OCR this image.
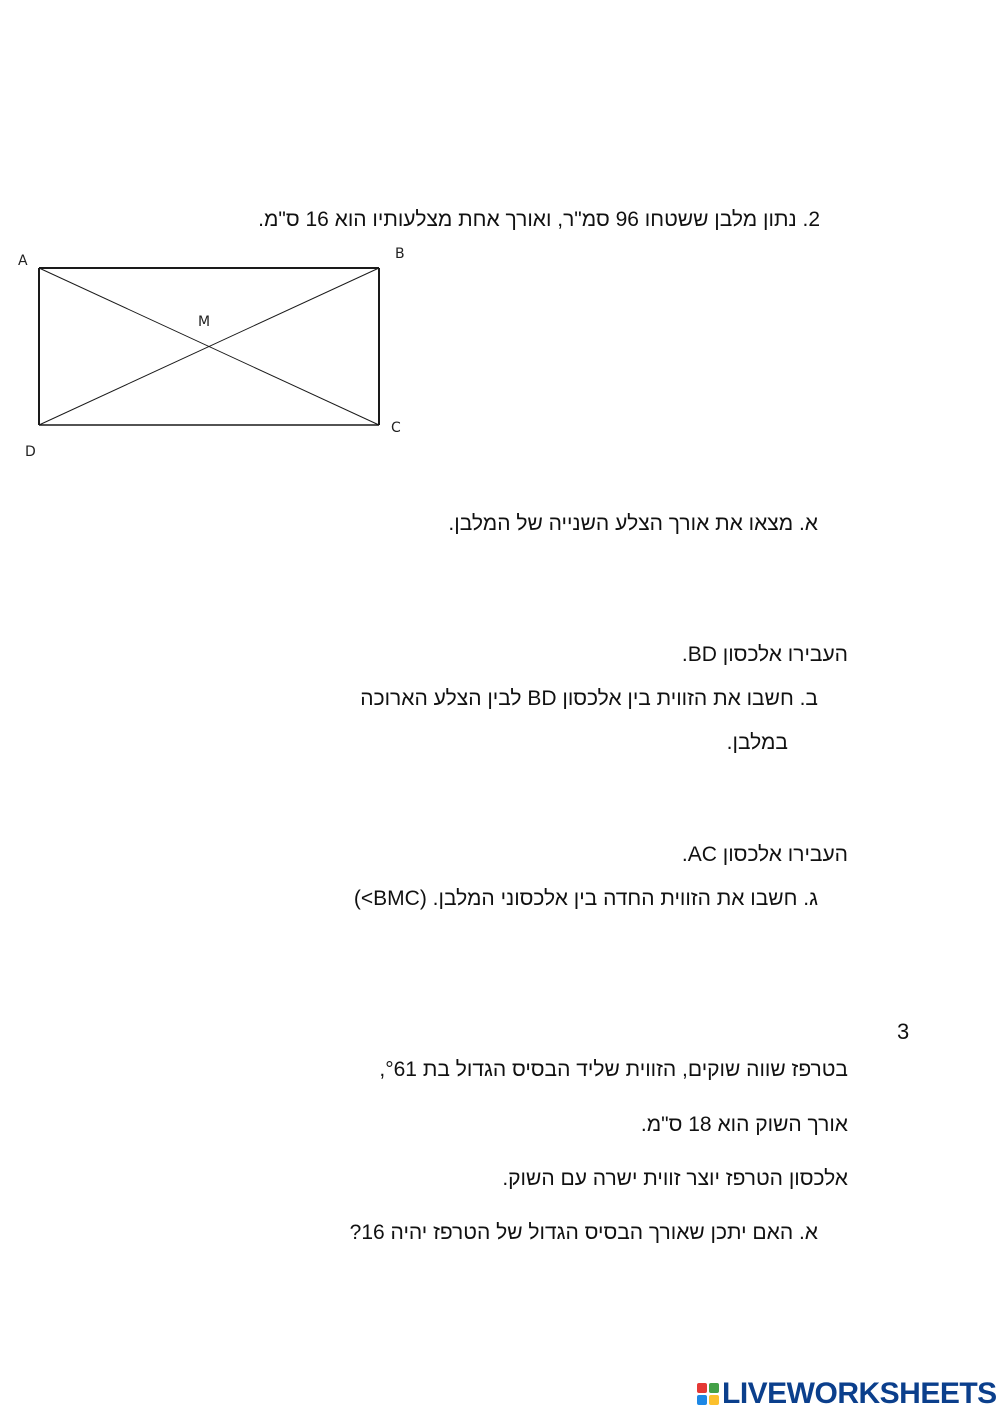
2. נתון מלבן ששטחו 96 סמ"ר, ואורך אחת מצלעותיו הוא 16 ס"מ.
A	B
C
D
M
א. מצאו את אורך הצלע השנייה של המלבן.
העבירו אלכסון BD.
ב. חשבו את הזווית בין אלכסון BD לבין הצלע הארוכה
במלבן.
העבירו אלכסון AC.
ג. חשבו את הזווית החדה בין אלכסוני המלבן. (BMC>)
3
בטרפז שווה שוקים, הזווית שליד הבסיס הגדול בת °61,
אורך השוק הוא 18 ס"מ.
אלכסון הטרפז יוצר זווית ישרה עם השוק.
א. האם יתכן שאורך הבסיס הגדול של הטרפז יהיה 16?
LIVEWORKSHEETS
